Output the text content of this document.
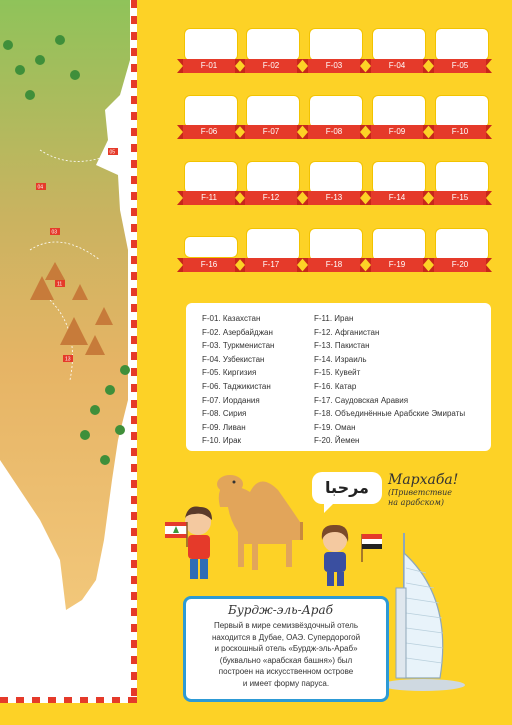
05
04
03
11
13
F-01	F-02	F-03	F-04	F-05
F-06	F-07	F-08	F-09	F-10
F-11	F-12	F-13	F-14	F-15
F-16	F-17	F-18	F-19	F-20
F-01. Казахстан
F-02. Азербайджан
F-03. Туркменистан
F-04. Узбекистан
F-05. Киргизия
F-06. Таджикистан
F-07. Иордания
F-08. Сирия
F-09. Ливан
F-10. Ирак
F-11. Иран
F-12. Афганистан
F-13. Пакистан
F-14. Израиль
F-15. Кувейт
F-16. Катар
F-17. Саудовская Аравия
F-18. Объединённые Арабские Эмираты
F-19. Оман
F-20. Йемен
مرحبا	Мархаба!
(Приветствие
на арабском)
Бурдж-эль-Араб
Первый в мире семизвёздочный отель
находится в Дубае, ОАЭ. Супердорогой
и роскошный отель «Бурдж-эль-Араб»
(буквально «арабская башня») был
построен на искусственном острове
и имеет форму паруса.
